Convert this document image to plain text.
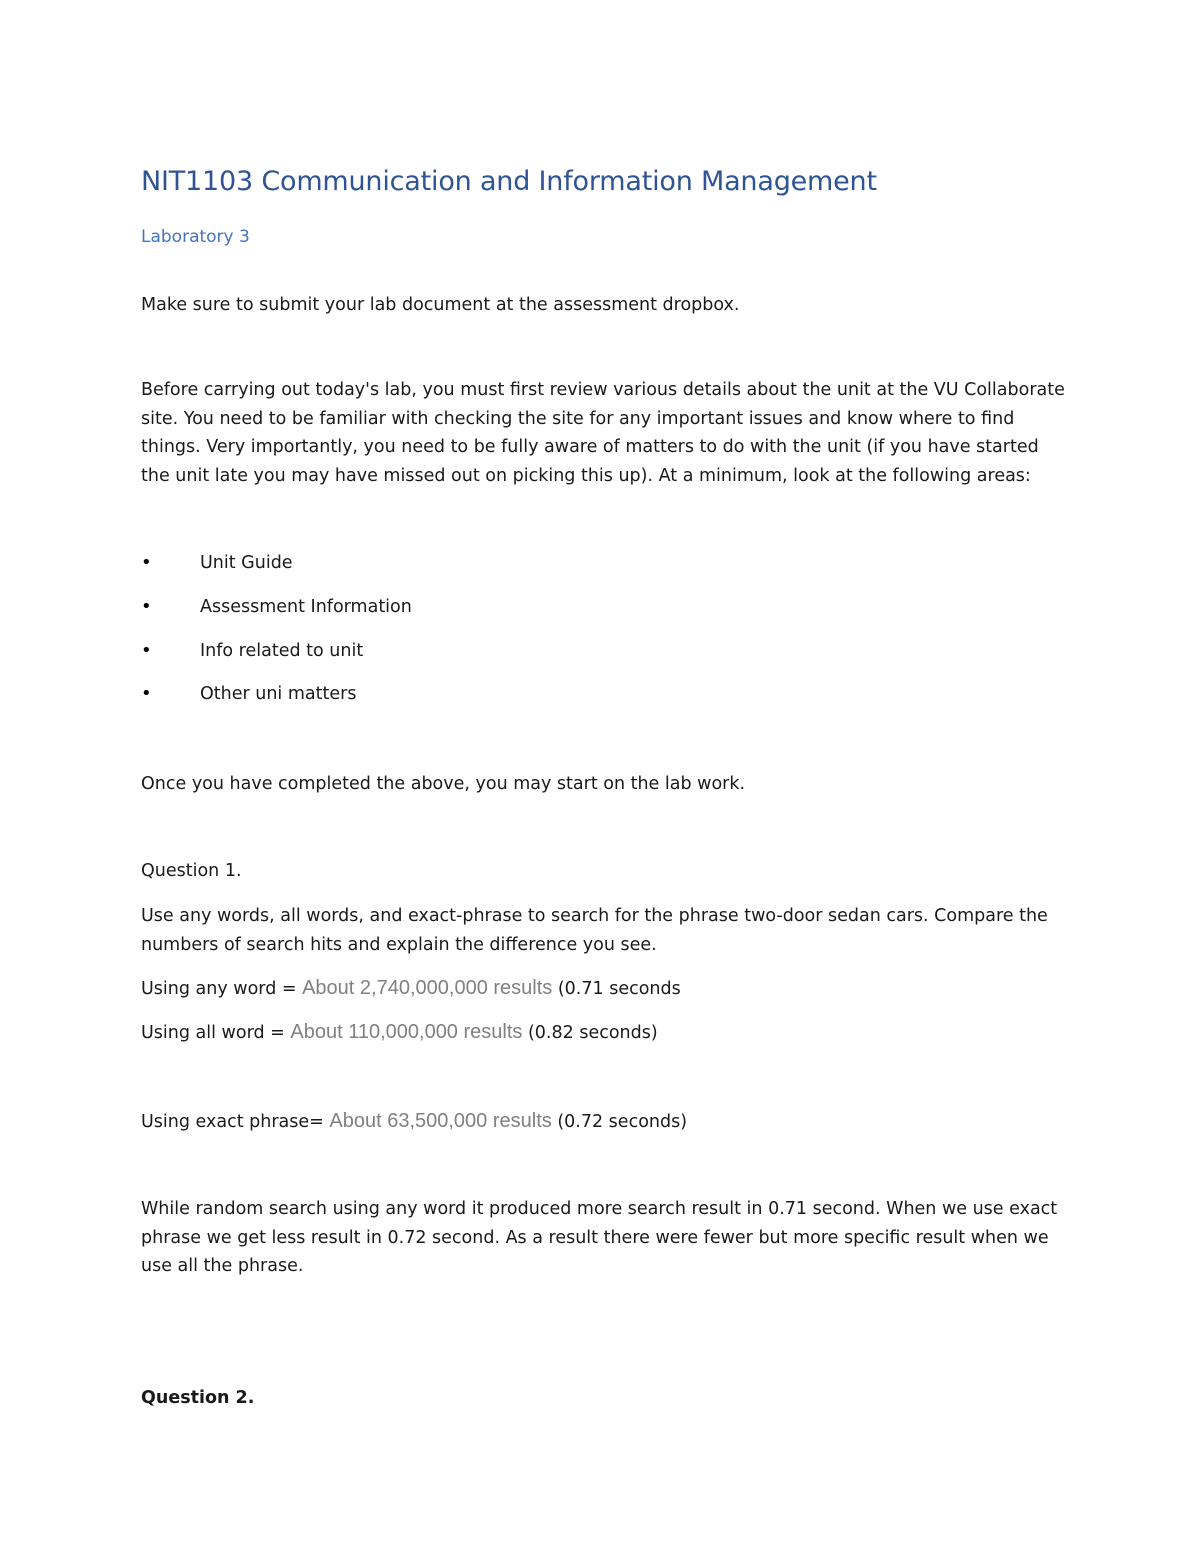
NIT1103 Communication and Information Management
Laboratory 3

Make sure to submit your lab document at the assessment dropbox.

Before carrying out today's lab, you must first review various details about the unit at the VU Collaborate site. You need to be familiar with checking the site for any important issues and know where to find things. Very importantly, you need to be fully aware of matters to do with the unit (if you have started the unit late you may have missed out on picking this up). At a minimum, look at the following areas:

•	Unit Guide
•	Assessment Information
•	Info related to unit
•	Other uni matters

Once you have completed the above, you may start on the lab work.

Question 1.

Use any words, all words, and exact-phrase to search for the phrase two-door sedan cars. Compare the numbers of search hits and explain the difference you see.

Using any word = About 2,740,000,000 results (0.71 seconds

Using all word = About 110,000,000 results (0.82 seconds)

Using exact phrase= About 63,500,000 results (0.72 seconds)

While random search using any word it produced more search result in 0.71 second. When we use exact phrase we get less result in 0.72 second. As a result there were fewer but more specific result when we use all the phrase.

Question 2.
